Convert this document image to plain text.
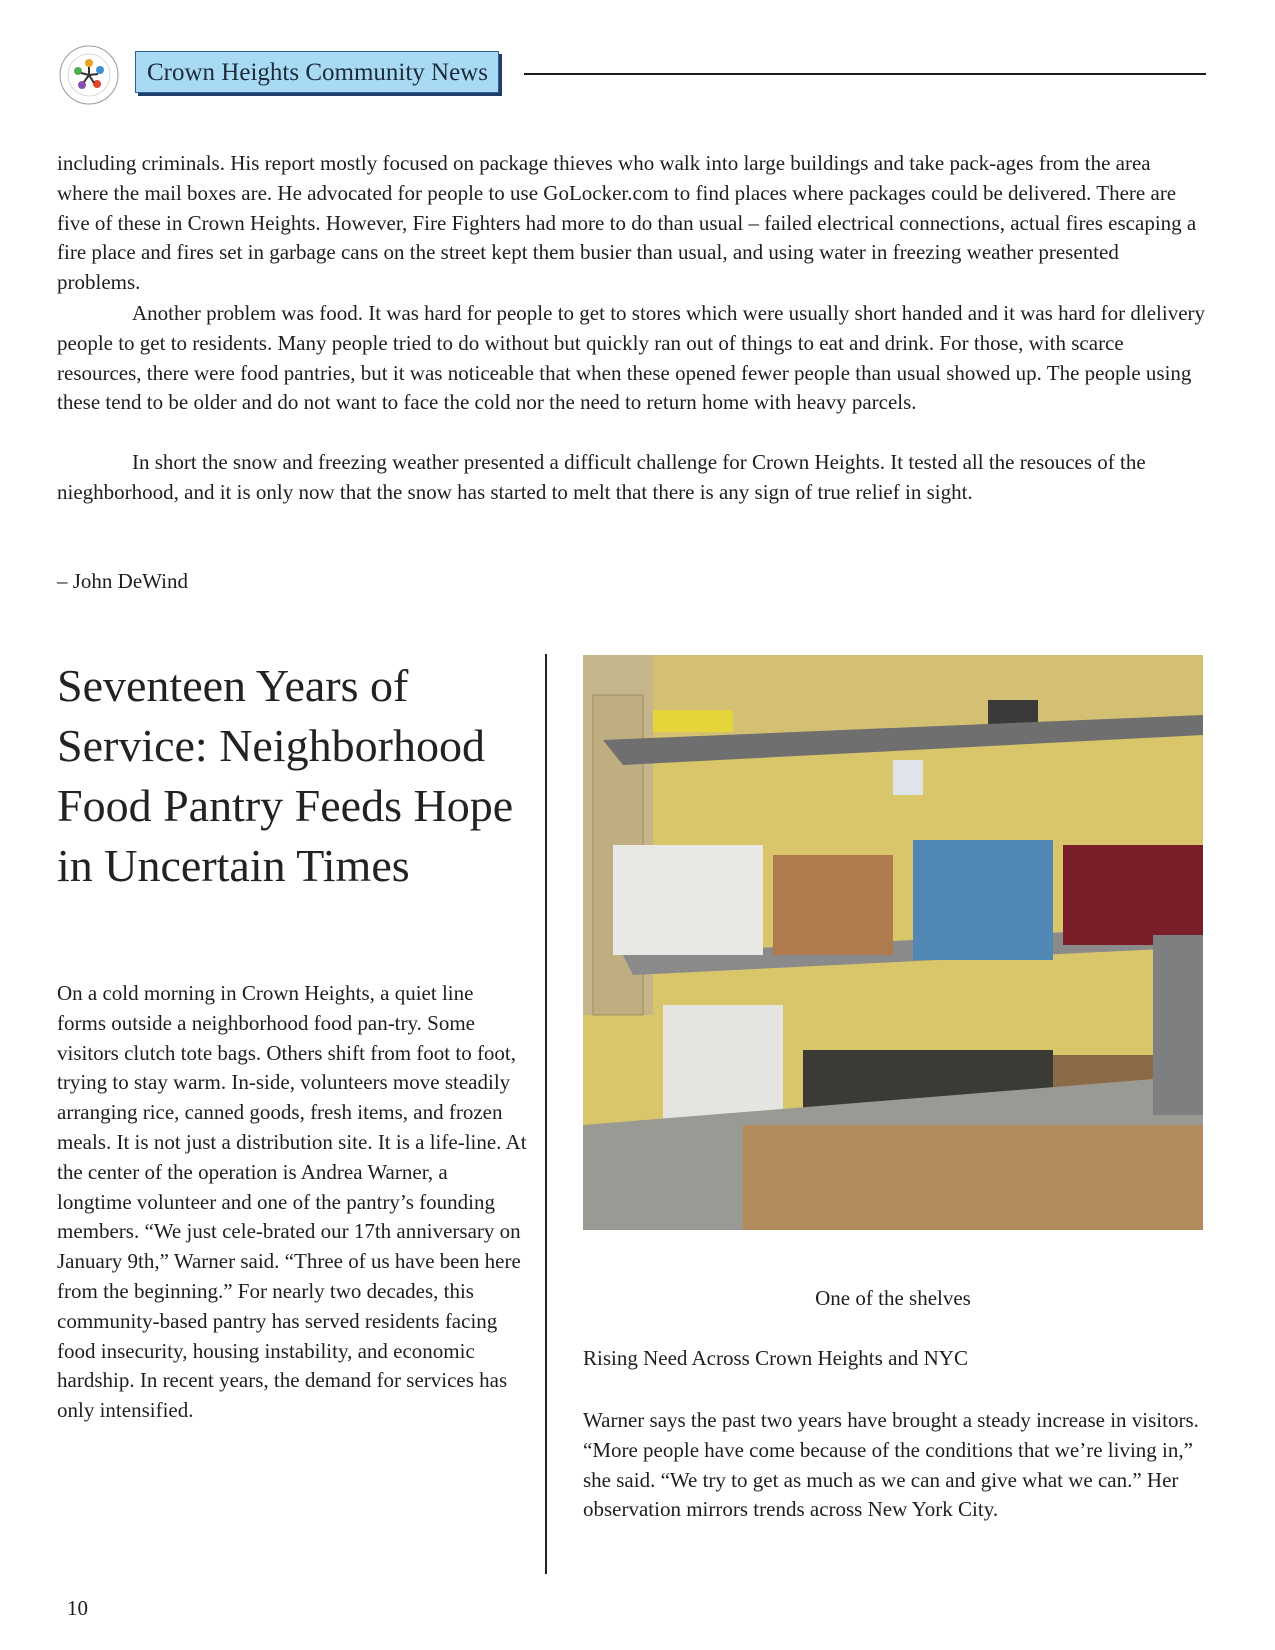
Crown Heights Community News

including criminals. His report mostly focused on package thieves who walk into large buildings and take pack-ages from the area where the mail boxes are. He advocated for people to use GoLocker.com to find places where packages could be delivered. There are five of these in Crown Heights. However, Fire Fighters had more to do than usual – failed electrical connections, actual fires escaping a fire place and fires set in garbage cans on the street kept them busier than usual, and using water in freezing weather presented problems.

Another problem was food. It was hard for people to get to stores which were usually short handed and it was hard for dlelivery people to get to residents. Many people tried to do without but quickly ran out of things to eat and drink. For those, with scarce resources, there were food pantries, but it was noticeable that when these opened fewer people than usual showed up. The people using these tend to be older and do not want to face the cold nor the need to return home with heavy parcels.

In short the snow and freezing weather presented a difficult challenge for Crown Heights. It tested all the resouces of the nieghborhood, and it is only now that the snow has started to melt that there is any sign of true relief in sight.

– John DeWind

Seventeen Years of Service: Neighborhood Food Pantry Feeds Hope in Uncertain Times

On a cold morning in Crown Heights, a quiet line forms outside a neighborhood food pan-try. Some visitors clutch tote bags. Others shift from foot to foot, trying to stay warm. In-side, volunteers move steadily arranging rice, canned goods, fresh items, and frozen meals. It is not just a distribution site. It is a life-line. At the center of the operation is Andrea Warner, a longtime volunteer and one of the pantry’s founding members. “We just cele-brated our 17th anniversary on January 9th,” Warner said. “Three of us have been here from the beginning.” For nearly two decades, this community-based pantry has served residents facing food insecurity, housing instability, and economic hardship. In recent years, the demand for services has only intensified.

One of the shelves

Rising Need Across Crown Heights and NYC

Warner says the past two years have brought a steady increase in visitors. “More people have come because of the conditions that we’re living in,” she said. “We try to get as much as we can and give what we can.” Her observation mirrors trends across New York City.

10
